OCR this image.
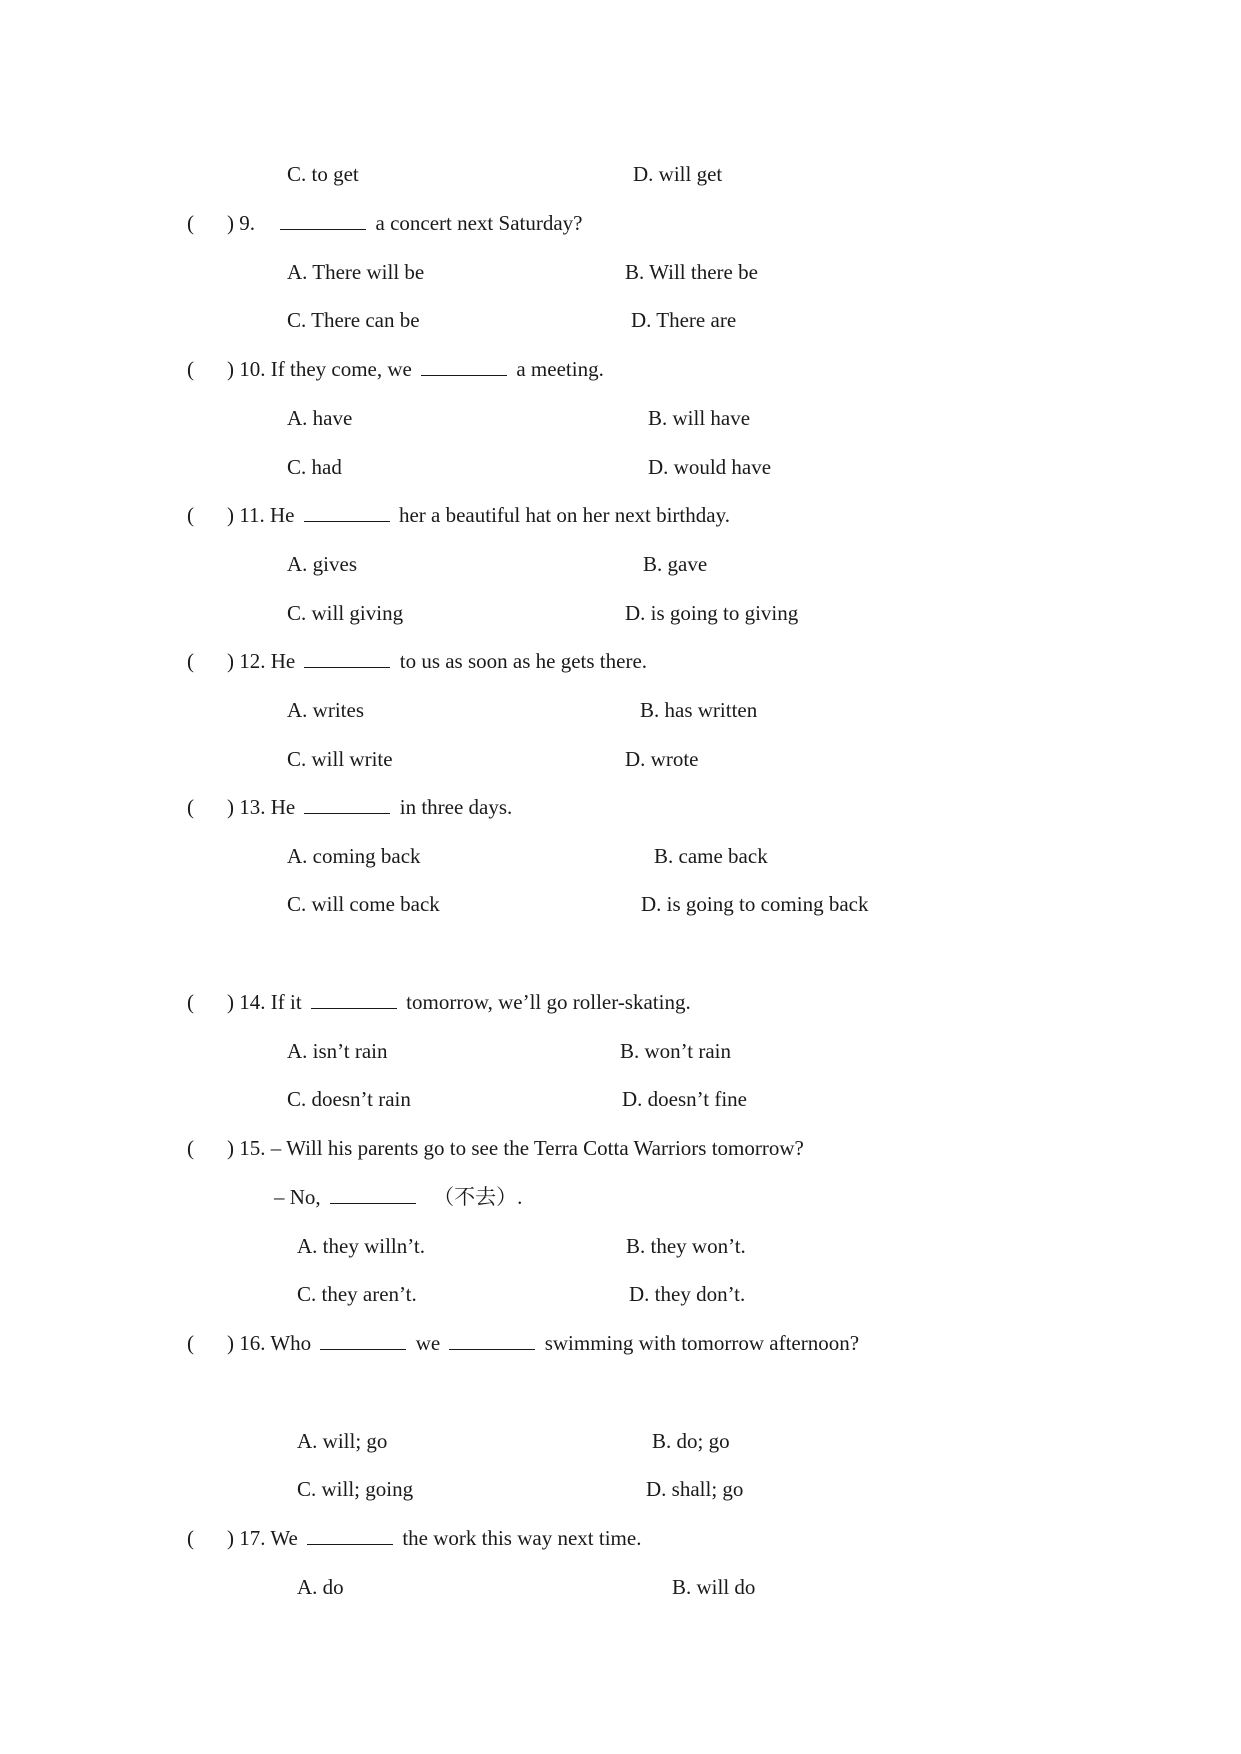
C. to get	D. will get
( ) 9.	a concert next Saturday?
A. There will be	B. Will there be
C. There can be	D. There are
( ) 10. If they come, we	a meeting.
A. have	B. will have
C. had	D. would have
( ) 11. He	her a beautiful hat on her next birthday.
A. gives	B. gave
C. will giving	D. is going to giving
( ) 12. He	to us as soon as he gets there.
A. writes	B. has written
C. will write	D. wrote
( ) 13. He	in three days.
A. coming back	B. came back
C. will come back	D. is going to coming back
( ) 14. If it	tomorrow, we’ll go roller-skating.
A. isn’t rain	B. won’t rain
C. doesn’t rain	D. doesn’t fine
( ) 15. – Will his parents go to see the Terra Cotta Warriors tomorrow?
– No,	（不去）.
A. they willn’t.	B. they won’t.
C. they aren’t.	D. they don’t.
( ) 16. Who	we	swimming with tomorrow afternoon?
A. will; go	B. do; go
C. will; going	D. shall; go
( ) 17. We	the work this way next time.
A. do	B. will do
